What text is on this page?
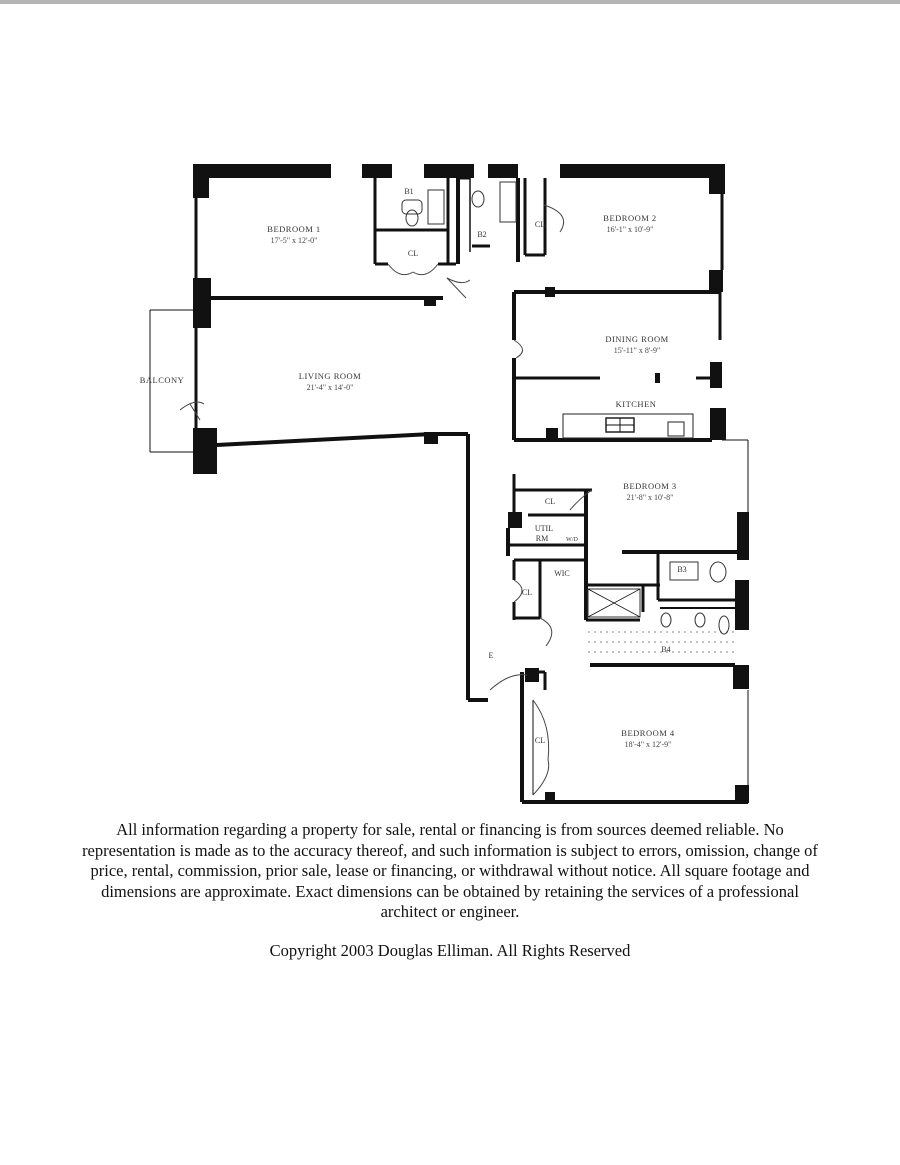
BEDROOM 1
17'-5" x 12'-0"
BEDROOM 2
16'-1" x 10'-9"
DINING ROOM
15'-11" x 8'-9"
LIVING ROOM
21'-4" x 14'-0"
KITCHEN
BEDROOM 3
21'-8" x 10'-8"
BEDROOM 4
18'-4" x 12'-9"
BALCONY
B1
B2
B3
B4
CL
CL
CL
CL
CL
UTIL
RM	W/D
WIC
E

All information regarding a property for sale, rental or financing is from sources deemed reliable. No representation is made as to the accuracy thereof, and such information is subject to errors, omission, change of price, rental, commission, prior sale, lease or financing, or withdrawal without notice. All square footage and dimensions are approximate. Exact dimensions can be obtained by retaining the services of a professional architect or engineer.

Copyright 2003 Douglas Elliman. All Rights Reserved
